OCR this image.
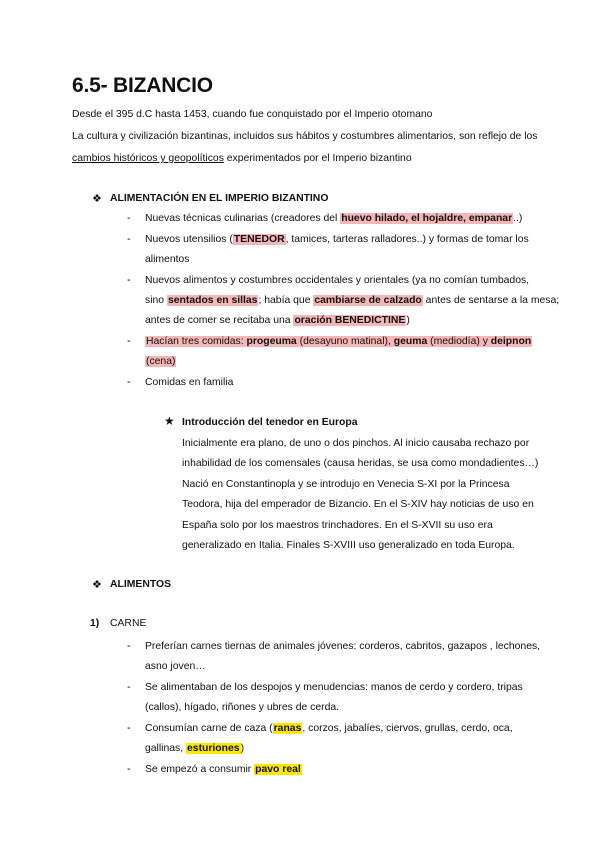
6.5- BIZANCIO
Desde el 395 d.C hasta 1453, cuando fue conquistado por el Imperio otomano
La cultura y civilización bizantinas, incluidos sus hábitos y costumbres alimentarios, son reflejo de los
cambios históricos y geopolíticos experimentados por el Imperio bizantino
❖ ALIMENTACIÓN EN EL IMPERIO BIZANTINO
- Nuevas técnicas culinarias (creadores del huevo hilado, el hojaldre, empanar..)
- Nuevos utensilios (TENEDOR, tamices, tarteras ralladores..) y formas de tomar los
alimentos
- Nuevos alimentos y costumbres occidentales y orientales (ya no comían tumbados,
sino sentados en sillas; había que cambiarse de calzado antes de sentarse a la mesa;
antes de comer se recitaba una oración BENEDICTINE)
- Hacían tres comidas: progeuma (desayuno matinal), geuma (mediodía) y deipnon
(cena)
- Comidas en familia
★ Introducción del tenedor en Europa
Inicialmente era plano, de uno o dos pinchos. Al inicio causaba rechazo por
inhabilidad de los comensales (causa heridas, se usa como mondadientes…)
Nació en Constantinopla y se introdujo en Venecia S-XI por la Princesa
Teodora, hija del emperador de Bizancio. En el S-XIV hay noticias de uso en
España solo por los maestros trinchadores. En el S-XVII su uso era
generalizado en Italia. Finales S-XVIII uso generalizado en toda Europa.
❖ ALIMENTOS
1) CARNE
- Preferían carnes tiernas de animales jóvenes: corderos, cabritos, gazapos , lechones,
asno joven…
- Se alimentaban de los despojos y menudencias: manos de cerdo y cordero, tripas
(callos), hígado, riñones y ubres de cerda.
- Consumían carne de caza (ranas, corzos, jabalíes, ciervos, grullas, cerdo, oca,
gallinas, esturiones)
- Se empezó a consumir pavo real
